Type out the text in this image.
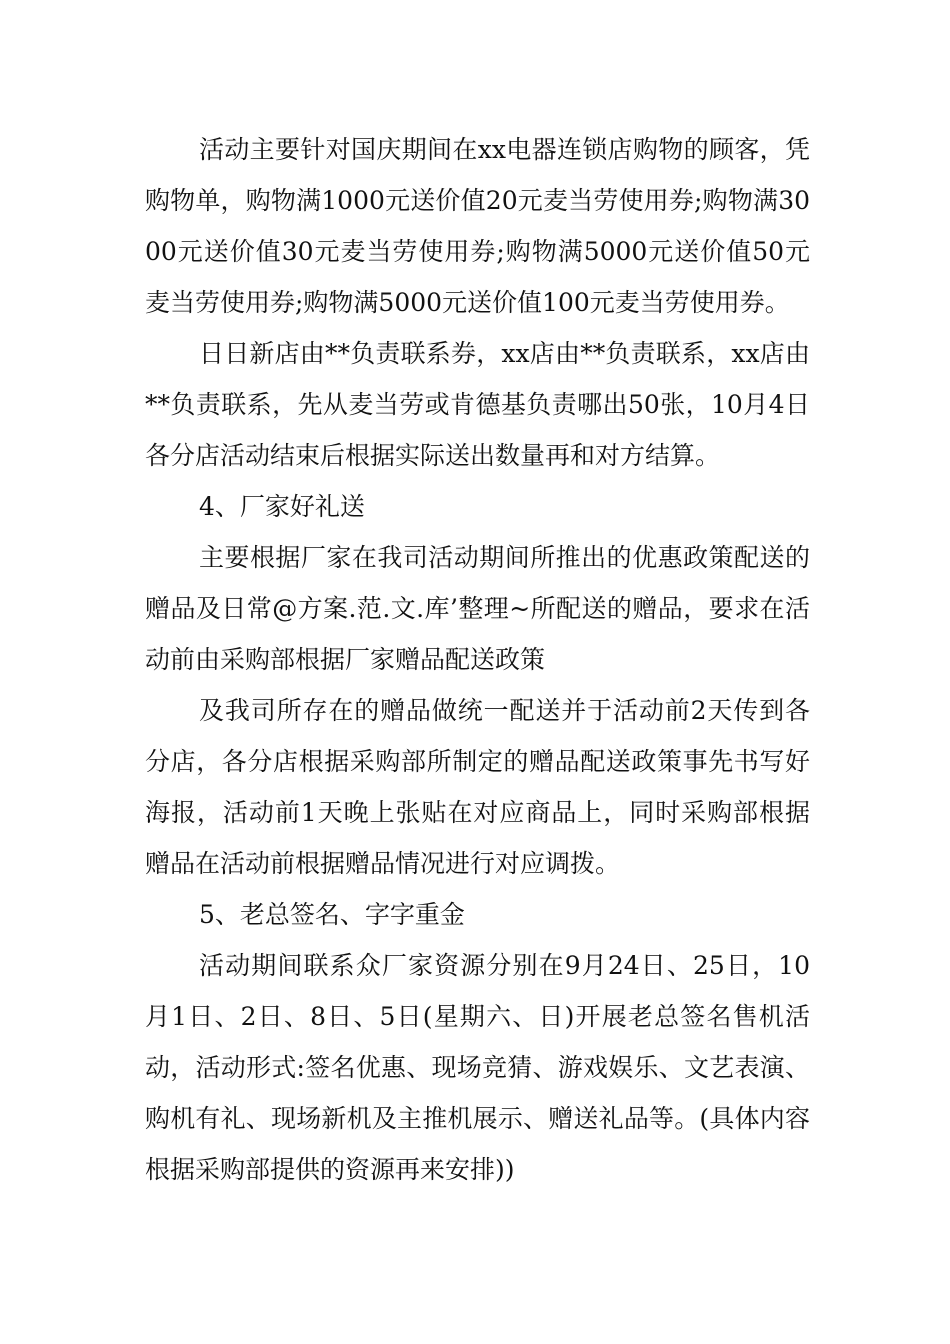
活动主要针对国庆期间在xx电器连锁店购物的顾客，凭购物单，购物满1000元送价值20元麦当劳使用券;购物满3000元送价值30元麦当劳使用券;购物满5000元送价值50元麦当劳使用券;购物满5000元送价值100元麦当劳使用券。

日日新店由**负责联系券，xx店由**负责联系，xx店由**负责联系，先从麦当劳或肯德基负责哪出50张，10月4日各分店活动结束后根据实际送出数量再和对方结算。

4、厂家好礼送

主要根据厂家在我司活动期间所推出的优惠政策配送的赠品及日常@方案.范.文.库’整理~所配送的赠品，要求在活动前由采购部根据厂家赠品配送政策

及我司所存在的赠品做统一配送并于活动前2天传到各分店，各分店根据采购部所制定的赠品配送政策事先书写好海报，活动前1天晚上张贴在对应商品上，同时采购部根据赠品在活动前根据赠品情况进行对应调拨。

5、老总签名、字字重金

活动期间联系众厂家资源分别在9月24日、25日，10月1日、2日、8日、5日(星期六、日)开展老总签名售机活动，活动形式:签名优惠、现场竞猜、游戏娱乐、文艺表演、购机有礼、现场新机及主推机展示、赠送礼品等。(具体内容根据采购部提供的资源再来安排))
